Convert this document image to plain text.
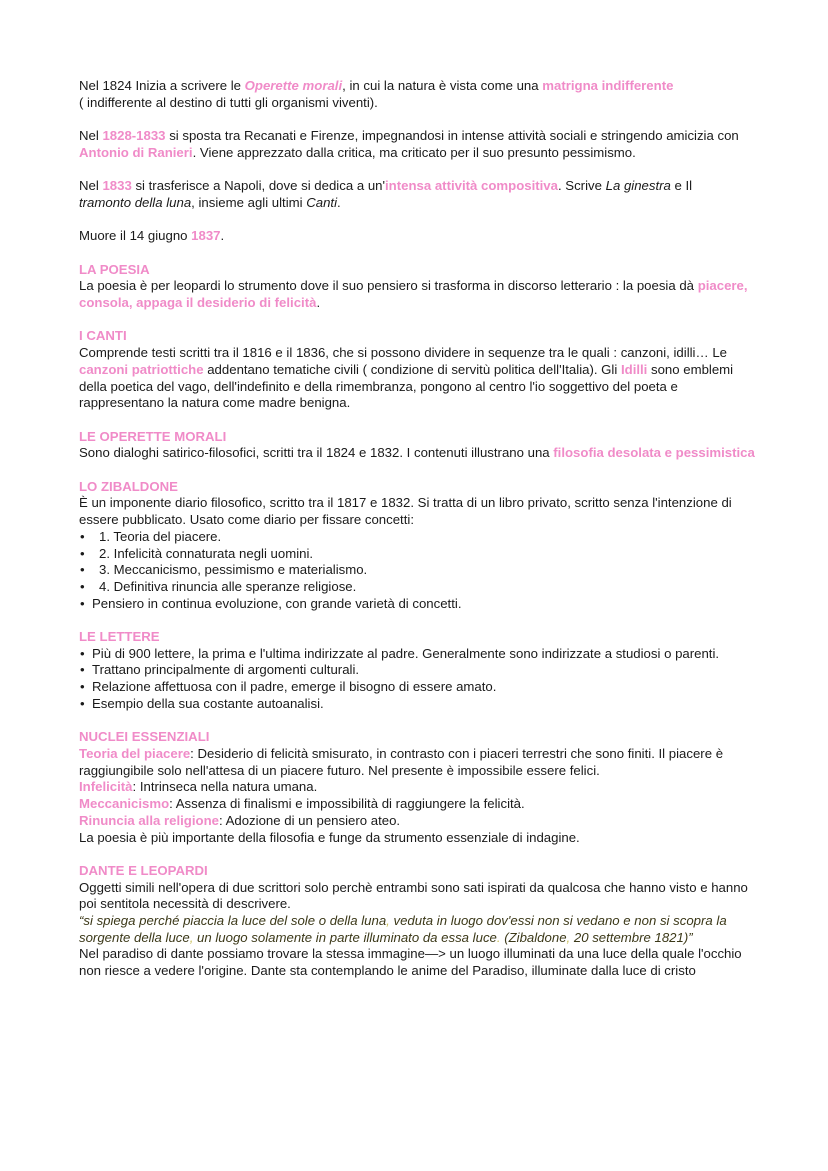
Nel 1824 Inizia a scrivere le Operette morali, in cui la natura è vista come una matrigna indifferente
( indifferente al destino di tutti gli organismi viventi).

Nel 1828-1833 si sposta tra Recanati e Firenze, impegnandosi in intense attività sociali e stringendo amicizia con Antonio di Ranieri. Viene apprezzato dalla critica, ma criticato per il suo presunto pessimismo.

Nel 1833 si trasferisce a Napoli, dove si dedica a un'intensa attività compositiva. Scrive La ginestra e Il
tramonto della luna, insieme agli ultimi Canti.

Muore il 14 giugno 1837.

LA POESIA

La poesia è per leopardi lo strumento dove il suo pensiero si trasforma in discorso letterario : la poesia dà piacere, consola, appaga il desiderio di felicità.

I CANTI

Comprende testi scritti tra il 1816 e il 1836, che si possono dividere in sequenze tra le quali : canzoni, idilli… Le canzoni patriottiche addentano tematiche civili ( condizione di servitù politica dell'Italia). Gli Idilli sono emblemi della poetica del vago, dell'indefinito e della rimembranza, pongono al centro l'io soggettivo del poeta e rappresentano la natura come madre benigna.

LE OPERETTE MORALI

Sono dialoghi satirico-filosofici, scritti tra il 1824 e 1832. I contenuti illustrano una filosofia desolata e pessimistica

LO ZIBALDONE

È un imponente diario filosofico, scritto tra il 1817 e 1832. Si tratta di un libro privato, scritto senza l'intenzione di essere pubblicato. Usato come diario per fissare concetti:

• 1. Teoria del piacere.
• 2. Infelicità connaturata negli uomini.
• 3. Meccanicismo, pessimismo e materialismo.
• 4. Definitiva rinuncia alle speranze religiose.
• Pensiero in continua evoluzione, con grande varietà di concetti.

LE LETTERE

• Più di 900 lettere, la prima e l'ultima indirizzate al padre. Generalmente sono indirizzate a studiosi o parenti.
• Trattano principalmente di argomenti culturali.
• Relazione affettuosa con il padre, emerge il bisogno di essere amato.
• Esempio della sua costante autoanalisi.

NUCLEI ESSENZIALI

Teoria del piacere: Desiderio di felicità smisurato, in contrasto con i piaceri terrestri che sono finiti. Il piacere è raggiungibile solo nell'attesa di un piacere futuro. Nel presente è impossibile essere felici.

Infelicità: Intrinseca nella natura umana.

Meccanicismo: Assenza di finalismi e impossibilità di raggiungere la felicità.

Rinuncia alla religione: Adozione di un pensiero ateo.

La poesia è più importante della filosofia e funge da strumento essenziale di indagine.

DANTE E LEOPARDI

Oggetti simili nell'opera di due scrittori solo perchè entrambi sono sati ispirati da qualcosa che hanno visto e hanno poi sentitola necessità di descrivere.

“si spiega perché piaccia la luce del sole o della luna, veduta in luogo dov'essi non si vedano e non si scopra la sorgente della luce, un luogo solamente in parte illuminato da essa luce. (Zibaldone, 20 settembre 1821)”

Nel paradiso di dante possiamo trovare la stessa immagine—> un luogo illuminati da una luce della quale l'occhio non riesce a vedere l'origine. Dante sta contemplando le anime del Paradiso, illuminate dalla luce di cristo
